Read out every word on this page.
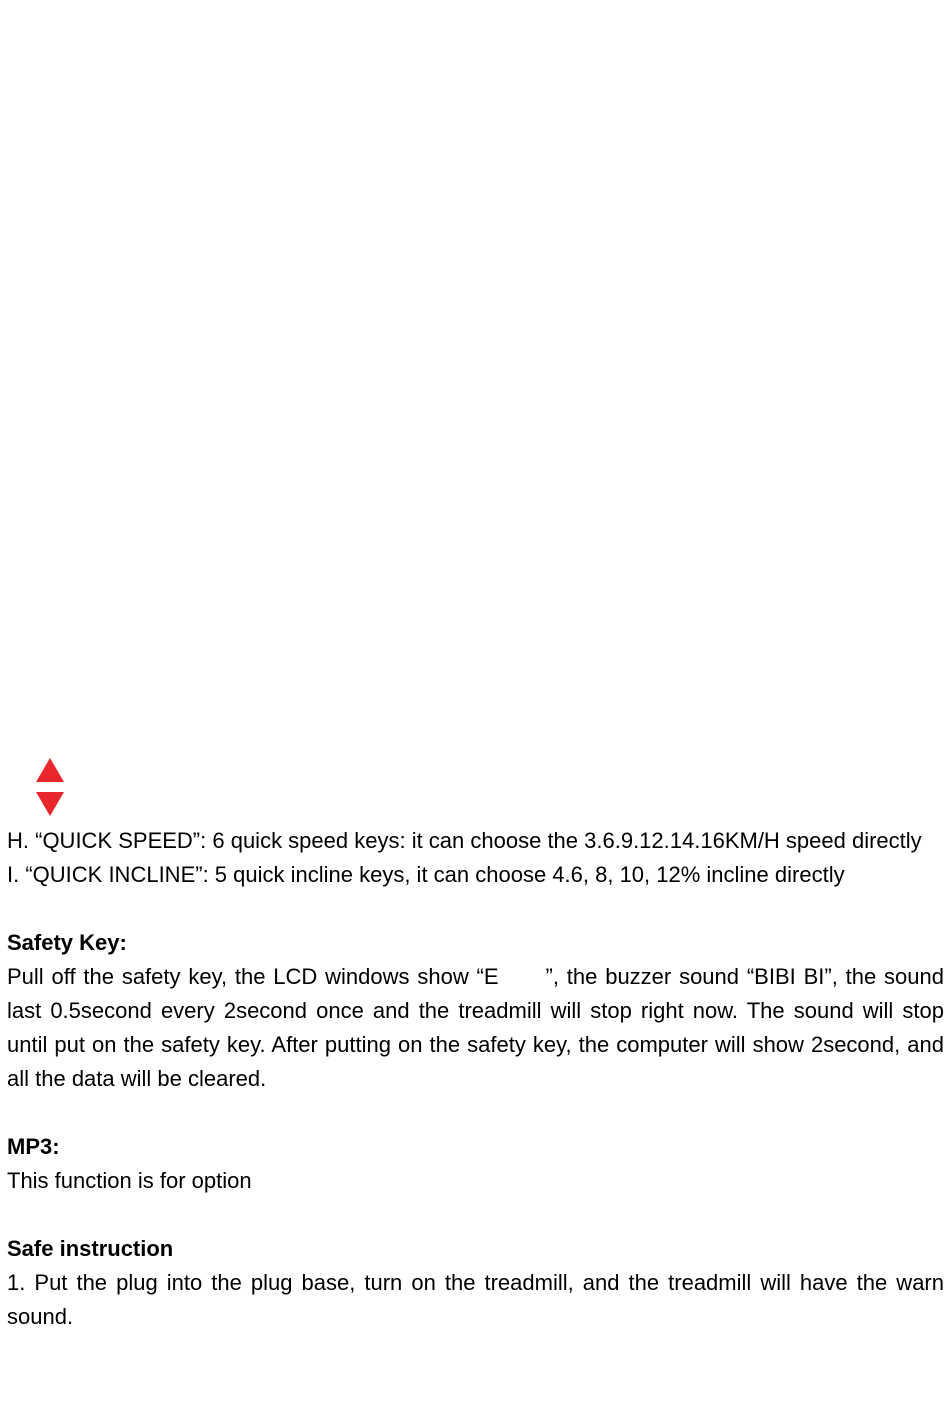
H. “QUICK SPEED”: 6 quick speed keys: it can choose the 3.6.9.12.14.16KM/H speed directly

I. “QUICK INCLINE”: 5 quick incline keys, it can choose 4.6, 8, 10, 12% incline directly

Safety Key:

Pull off the safety key, the LCD windows show “E      ”, the buzzer sound “BIBI BI”, the sound last 0.5second every 2second once and the treadmill will stop right now. The sound will stop until put on the safety key. After putting on the safety key, the computer will show 2second, and all the data will be cleared.

MP3:

This function is for option

Safe instruction

1. Put the plug into the plug base, turn on the treadmill, and the treadmill will have the warn sound.
